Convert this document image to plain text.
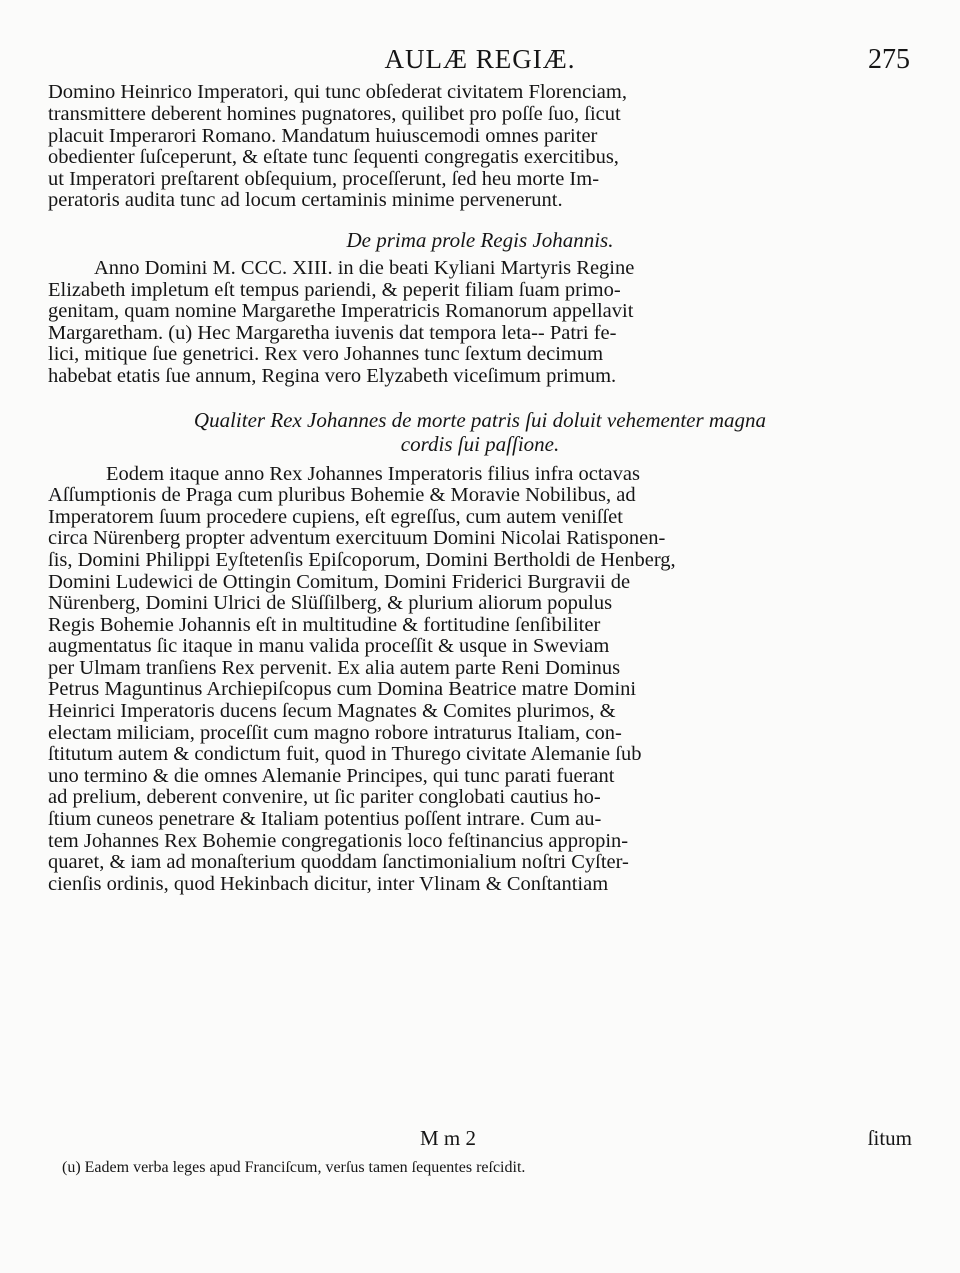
AULÆ REGIÆ.	275
Domino Heinrico Imperatori, qui tunc obſederat civitatem Florenciam,
transmittere deberent homines pugnatores, quilibet pro poſſe ſuo, ſicut
placuit Imperarori Romano. Mandatum huiuscemodi omnes pariter
obedienter ſuſceperunt, & eſtate tunc ſequenti congregatis exercitibus,
ut Imperatori preſtarent obſequium, proceſſerunt, ſed heu morte Im-
peratoris audita tunc ad locum certaminis minime pervenerunt.
De prima prole Regis Johannis.
Anno Domini M. CCC. XIII. in die beati Kyliani Martyris Regine
Elizabeth impletum eſt tempus pariendi, & peperit filiam ſuam primo-
genitam, quam nomine Margarethe Imperatricis Romanorum appellavit
Margaretham. (u) Hec Margaretha iuvenis dat tempora leta-- Patri fe-
lici, mitique ſue genetrici. Rex vero Johannes tunc ſextum decimum
habebat etatis ſue annum, Regina vero Elyzabeth viceſimum primum.
Qualiter Rex Johannes de morte patris ſui doluit vehementer magna
cordis ſui paſſione.
Eodem itaque anno Rex Johannes Imperatoris filius infra octavas
Aſſumptionis de Praga cum pluribus Bohemie & Moravie Nobilibus, ad
Imperatorem ſuum procedere cupiens, eſt egreſſus, cum autem veniſſet
circa Nürenberg propter adventum exercituum Domini Nicolai Ratisponen-
ſis, Domini Philippi Eyſtetenſis Epiſcoporum, Domini Bertholdi de Henberg,
Domini Ludewici de Ottingin Comitum, Domini Friderici Burgravii de
Nürenberg, Domini Ulrici de Slüſſilberg, & plurium aliorum populus
Regis Bohemie Johannis eſt in multitudine & fortitudine ſenſibiliter
augmentatus ſic itaque in manu valida proceſſit & usque in Sweviam
per Ulmam tranſiens Rex pervenit. Ex alia autem parte Reni Dominus
Petrus Maguntinus Archiepiſcopus cum Domina Beatrice matre Domini
Heinrici Imperatoris ducens ſecum Magnates & Comites plurimos, &
electam miliciam, proceſſit cum magno robore intraturus Italiam, con-
ſtitutum autem & condictum fuit, quod in Thurego civitate Alemanie ſub
uno termino & die omnes Alemanie Principes, qui tunc parati fuerant
ad prelium, deberent convenire, ut ſic pariter conglobati cautius ho-
ſtium cuneos penetrare & Italiam potentius poſſent intrare. Cum au-
tem Johannes Rex Bohemie congregationis loco feſtinancius appropin-
quaret, & iam ad monaſterium quoddam ſanctimonialium noſtri Cyſter-
cienſis ordinis, quod Hekinbach dicitur, inter Vlinam & Conſtantiam
M m 2	ſitum
(u) Eadem verba leges apud Franciſcum, verſus tamen ſequentes reſcidit.
